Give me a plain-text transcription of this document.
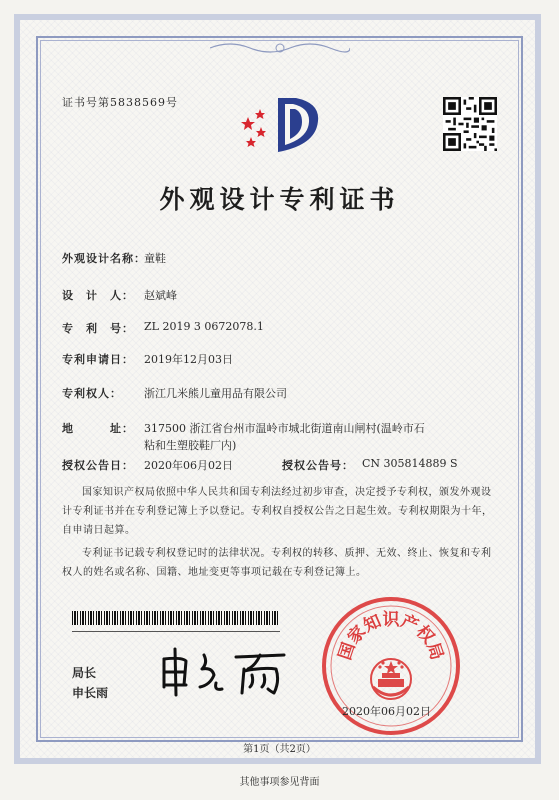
证书号第5838569号
外观设计专利证书
外观设计名称：
童鞋
设　计　人： 赵斌峰
专　利　号： ZL 2019 3 0672078.1
专利申请日： 2019年12月03日
专利权人： 浙江几米熊儿童用品有限公司
地　　　址： 317500 浙江省台州市温岭市城北街道南山闸村(温岭市石
粘和生塑胶鞋厂内)
授权公告日： 2020年06月02日	授权公告号： CN 305814889 S
国家知识产权局依照中华人民共和国专利法经过初步审查，决定授予专利权，颁发外观设计专利证书并在专利登记簿上予以登记。专利权自授权公告之日起生效。专利权期限为十年，自申请日起算。
专利证书记载专利权登记时的法律状况。专利权的转移、质押、无效、终止、恢复和专利权人的姓名或名称、国籍、地址变更等事项记载在专利登记簿上。
局长
申长雨
国家知识产权局
2020年06月02日
第1页（共2页）
其他事项参见背面
